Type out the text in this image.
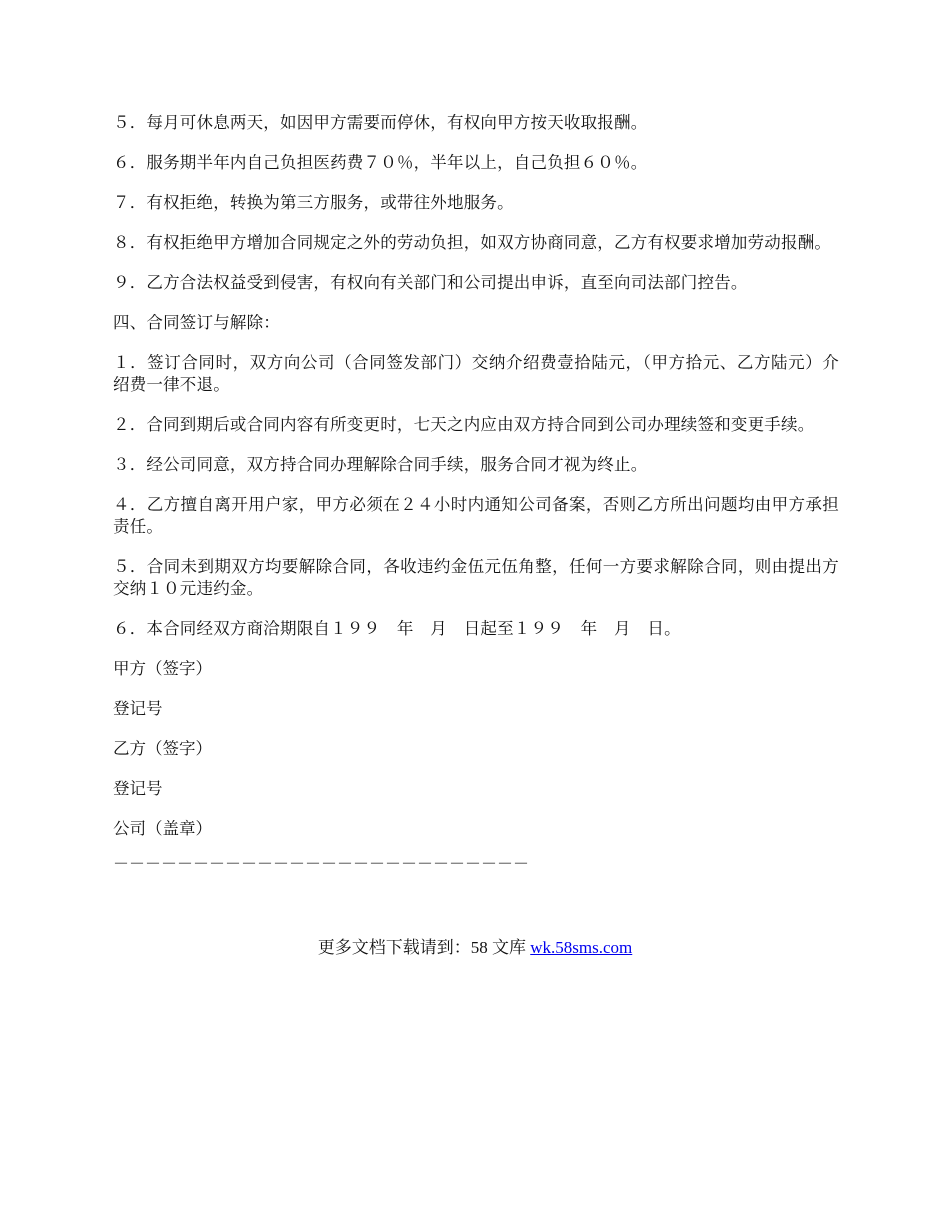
５．每月可休息两天，如因甲方需要而停休，有权向甲方按天收取报酬。

６．服务期半年内自己负担医药费７０％，半年以上，自己负担６０％。

７．有权拒绝，转换为第三方服务，或带往外地服务。

８．有权拒绝甲方增加合同规定之外的劳动负担，如双方协商同意，乙方有权要求增加劳动报酬。

９．乙方合法权益受到侵害，有权向有关部门和公司提出申诉，直至向司法部门控告。

四、合同签订与解除：

１．签订合同时，双方向公司（合同签发部门）交纳介绍费壹拾陆元，（甲方拾元、乙方陆元）介绍费一律不退。

２．合同到期后或合同内容有所变更时，七天之内应由双方持合同到公司办理续签和变更手续。

３．经公司同意，双方持合同办理解除合同手续，服务合同才视为终止。

４．乙方擅自离开用户家，甲方必须在２４小时内通知公司备案，否则乙方所出问题均由甲方承担责任。

５．合同未到期双方均要解除合同，各收违约金伍元伍角整，任何一方要求解除合同，则由提出方交纳１０元违约金。

６．本合同经双方商洽期限自１９９　年　月　日起至１９９　年　月　日。

甲方（签字）

登记号

乙方（签字）

登记号

公司（盖章）

－－－－－－－－－－－－－－－－－－－－－－－－－－
更多文档下载请到：58 文库 wk.58sms.com
